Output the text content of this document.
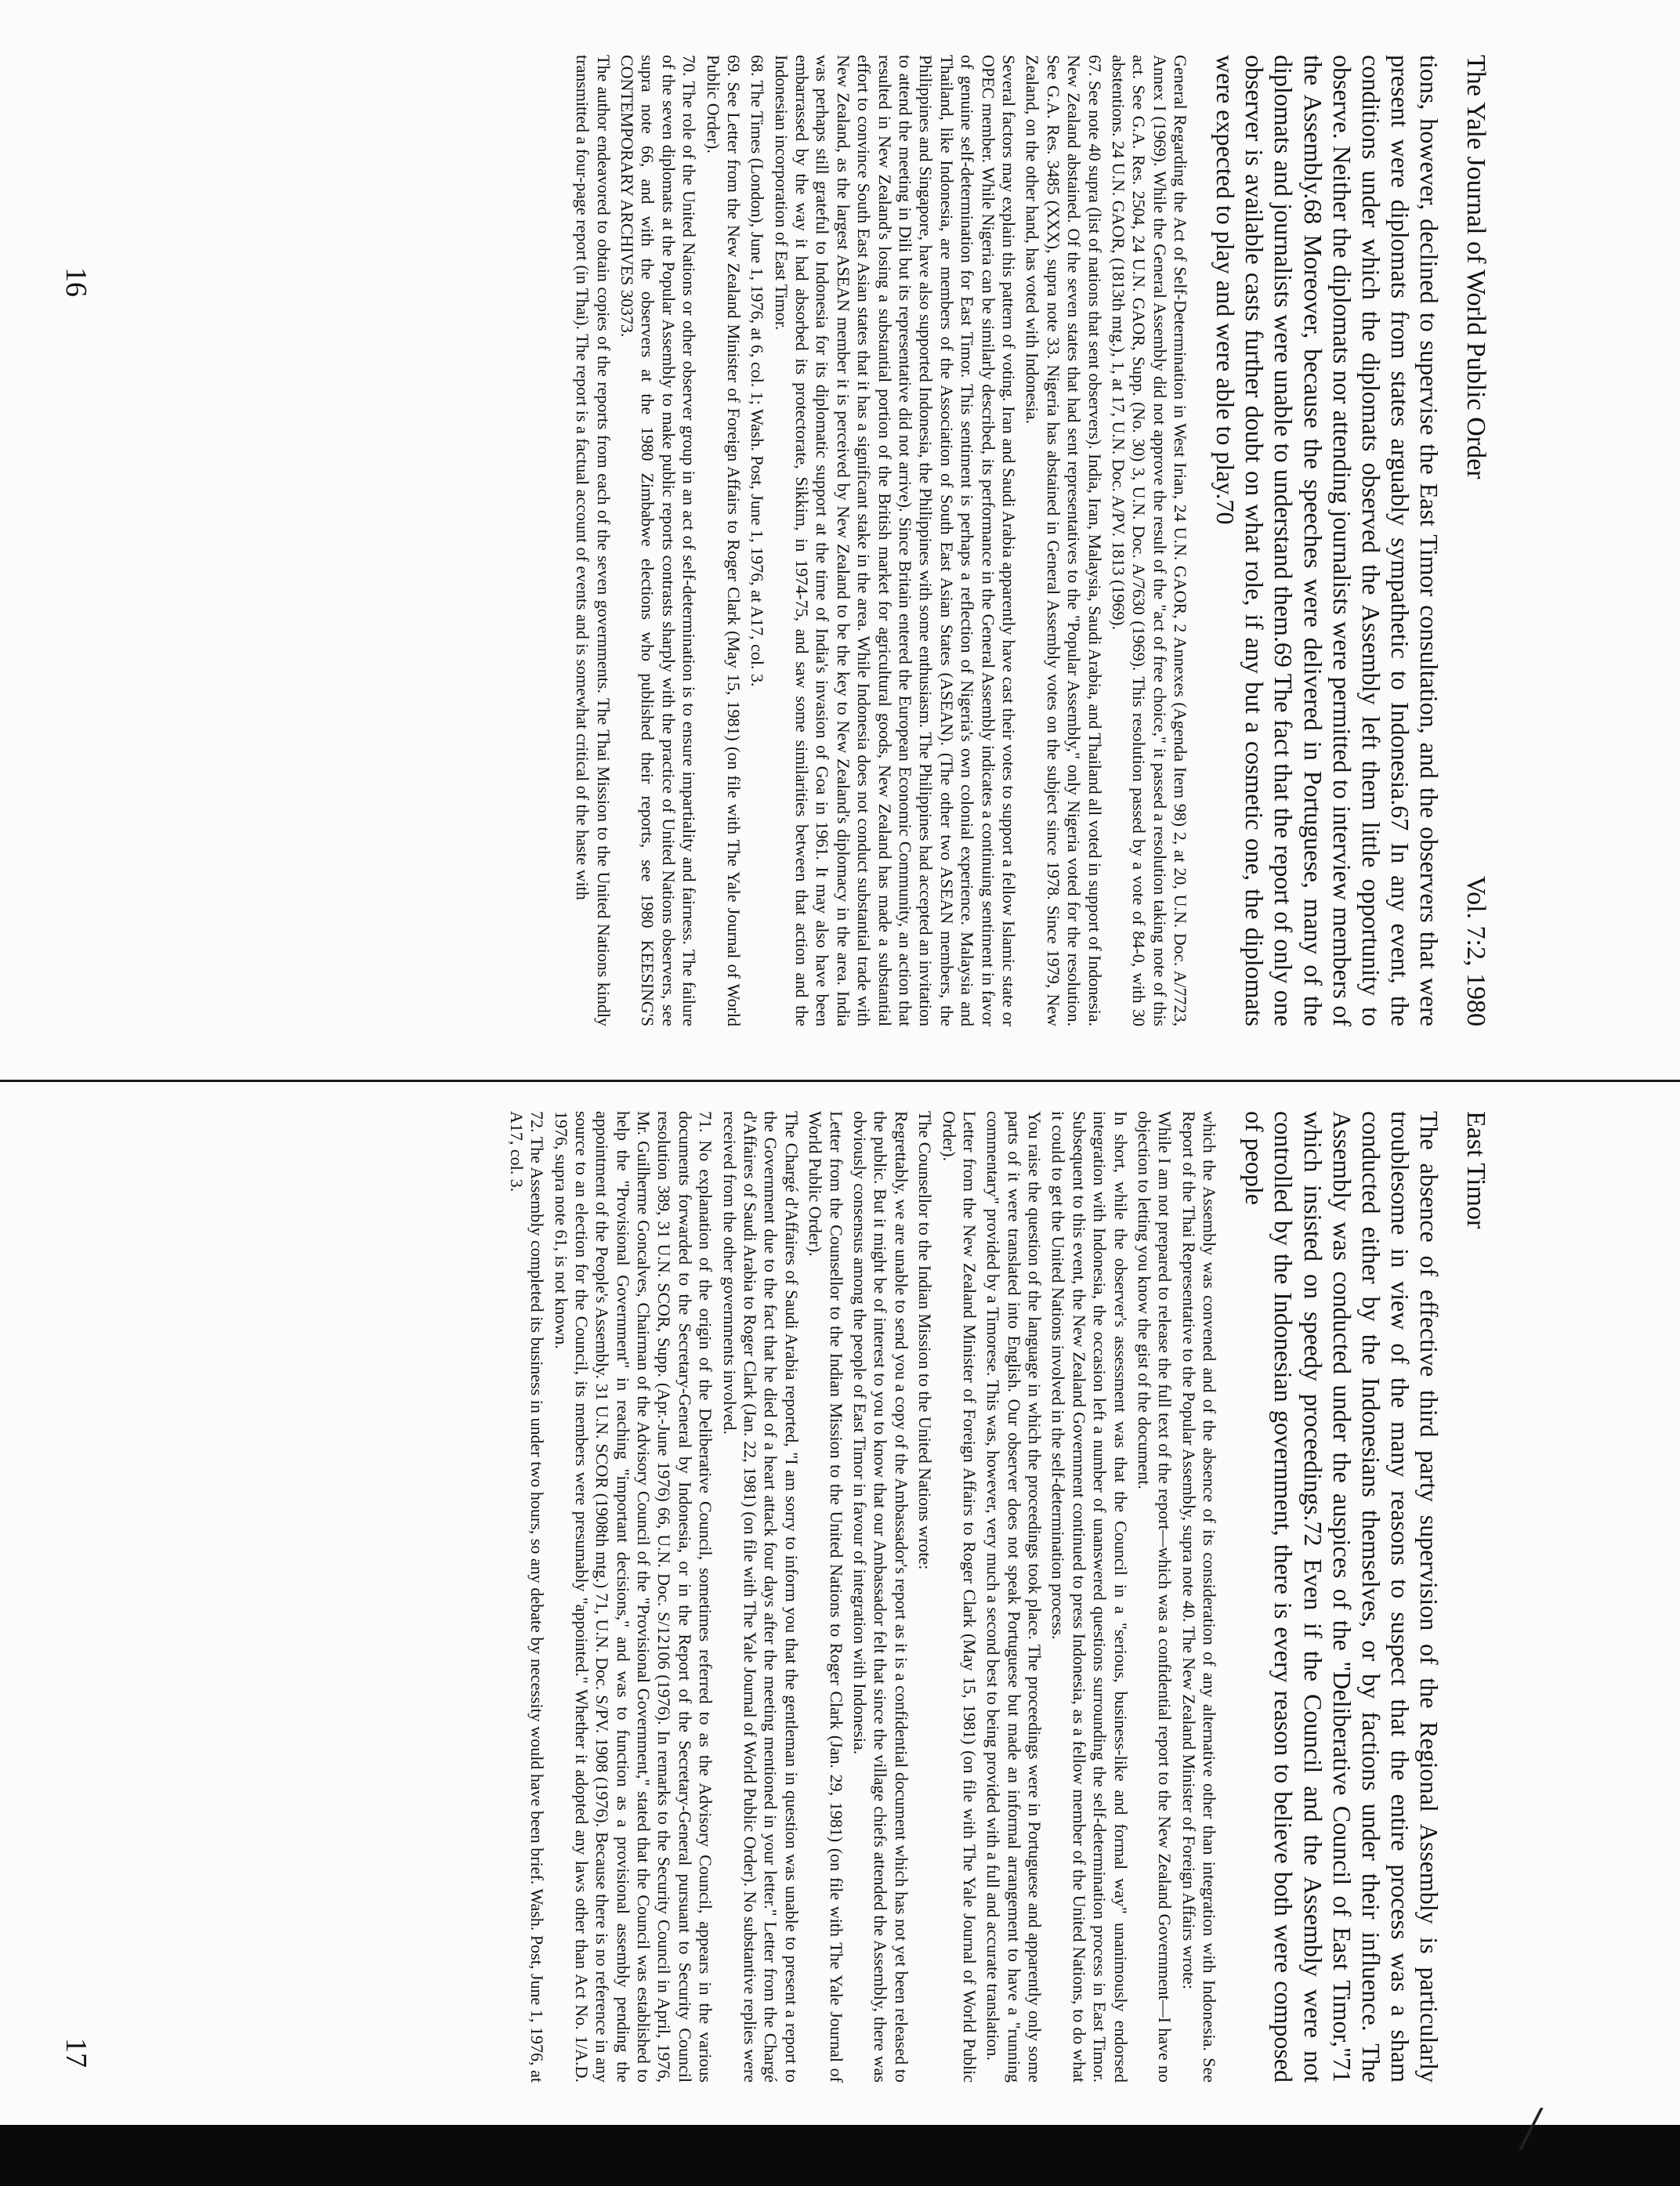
╱
The Yale Journal of World Public Order
Vol. 7:2, 1980

tions, however, declined to supervise the East Timor consultation, and the observers that were present were diplomats from states arguably sympathetic to Indonesia.67 In any event, the conditions under which the diplomats observed the Assembly left them little opportunity to observe. Neither the diplomats nor attending journalists were permitted to interview members of the Assembly.68 Moreover, because the speeches were delivered in Portuguese, many of the diplomats and journalists were unable to understand them.69 The fact that the report of only one observer is available casts further doubt on what role, if any but a cosmetic one, the diplomats were expected to play and were able to play.70

General Regarding the Act of Self-Determination in West Irian, 24 U.N. GAOR, 2 Annexes (Agenda Item 98) 2, at 20, U.N. Doc. A/7723, Annex I (1969). While the General Assembly did not approve the result of the "act of free choice," it passed a resolution taking note of this act. See G.A. Res. 2504, 24 U.N. GAOR, Supp. (No. 30) 3, U.N. Doc. A/7630 (1969). This resolution passed by a vote of 84-0, with 30 abstentions. 24 U.N. GAOR, (1813th mtg.), 1, at 17, U.N. Doc. A/PV. 1813 (1969).

67. See note 40 supra (list of nations that sent observers). India, Iran, Malaysia, Saudi Arabia, and Thailand all voted in support of Indonesia. New Zealand abstained. Of the seven states that had sent representatives to the "Popular Assembly," only Nigeria voted for the resolution. See G.A. Res. 3485 (XXX), supra note 33. Nigeria has abstained in General Assembly votes on the subject since 1978. Since 1979, New Zealand, on the other hand, has voted with Indonesia.

Several factors may explain this pattern of voting. Iran and Saudi Arabia apparently have cast their votes to support a fellow Islamic state or OPEC member. While Nigeria can be similarly described, its performance in the General Assembly indicates a continuing sentiment in favor of genuine self-determination for East Timor. This sentiment is perhaps a reflection of Nigeria's own colonial experience. Malaysia and Thailand, like Indonesia, are members of the Association of South East Asian States (ASEAN). (The other two ASEAN members, the Philippines and Singapore, have also supported Indonesia, the Philippines with some enthusiasm. The Philippines had accepted an invitation to attend the meeting in Dili but its representative did not arrive). Since Britain entered the European Economic Community, an action that resulted in New Zealand's losing a substantial portion of the British market for agricultural goods, New Zealand has made a substantial effort to convince South East Asian states that it has a significant stake in the area. While Indonesia does not conduct substantial trade with New Zealand, as the largest ASEAN member it is perceived by New Zealand to be the key to New Zealand's diplomacy in the area. India was perhaps still grateful to Indonesia for its diplomatic support at the time of India's invasion of Goa in 1961. It may also have been embarrassed by the way it had absorbed its protectorate, Sikkim, in 1974-75, and saw some similarities between that action and the Indonesian incorporation of East Timor.

68. The Times (London), June 1, 1976, at 6, col. 1; Wash. Post, June 1, 1976, at A17, col. 3.

69. See Letter from the New Zealand Minister of Foreign Affairs to Roger Clark (May 15, 1981) (on file with The Yale Journal of World Public Order).

70. The role of the United Nations or other observer group in an act of self-determination is to ensure impartiality and fairness. The failure of the seven diplomats at the Popular Assembly to make public reports contrasts sharply with the practice of United Nations observers, see supra note 66, and with the observers at the 1980 Zimbabwe elections who published their reports, see 1980 KEESING'S CONTEMPORARY ARCHIVES 30373.

The author endeavored to obtain copies of the reports from each of the seven governments. The Thai Mission to the United Nations kindly transmitted a four-page report (in Thai). The report is a factual account of events and is somewhat critical of the haste with

16
East Timor

The absence of effective third party supervision of the Regional Assembly is particularly troublesome in view of the many reasons to suspect that the entire process was a sham conducted either by the Indonesians themselves, or by factions under their influence. The Assembly was conducted under the auspices of the "Deliberative Council of East Timor,"71 which insisted on speedy proceedings.72 Even if the Council and the Assembly were not controlled by the Indonesian government, there is every reason to believe both were composed of people

which the Assembly was convened and of the absence of its consideration of any alternative other than integration with Indonesia. See Report of the Thai Representative to the Popular Assembly, supra note 40. The New Zealand Minister of Foreign Affairs wrote:

While I am not prepared to release the full text of the report—which was a confidential report to the New Zealand Government—I have no objection to letting you know the gist of the document.

In short, while the observer's assessment was that the Council in a "serious, business-like and formal way" unanimously endorsed integration with Indonesia, the occasion left a number of unanswered questions surrounding the self-determination process in East Timor. Subsequent to this event, the New Zealand Government continued to press Indonesia, as a fellow member of the United Nations, to do what it could to get the United Nations involved in the self-determination process.

You raise the question of the language in which the proceedings took place. The proceedings were in Portuguese and apparently only some parts of it were translated into English. Our observer does not speak Portuguese but made an informal arrangement to have a "running commentary" provided by a Timorese. This was, however, very much a second best to being provided with a full and accurate translation.

Letter from the New Zealand Minister of Foreign Affairs to Roger Clark (May 15, 1981) (on file with The Yale Journal of World Public Order).

The Counsellor to the Indian Mission to the United Nations wrote:

Regrettably, we are unable to send you a copy of the Ambassador's report as it is a confidential document which has not yet been released to the public. But it might be of interest to you to know that our Ambassador felt that since the village chiefs attended the Assembly, there was obviously consensus among the people of East Timor in favour of integration with Indonesia.

Letter from the Counsellor to the Indian Mission to the United Nations to Roger Clark (Jan. 29, 1981) (on file with The Yale Journal of World Public Order).

The Chargé d'Affaires of Saudi Arabia reported, "I am sorry to inform you that the gentleman in question was unable to present a report to the Government due to the fact that he died of a heart attack four days after the meeting mentioned in your letter." Letter from the Chargé d'Affaires of Saudi Arabia to Roger Clark (Jan. 22, 1981) (on file with The Yale Journal of World Public Order). No substantive replies were received from the other governments involved.

71. No explanation of the origin of the Deliberative Council, sometimes referred to as the Advisory Council, appears in the various documents forwarded to the Secretary-General by Indonesia, or in the Report of the Secretary-General pursuant to Security Council resolution 389, 31 U.N. SCOR, Supp. (Apr.-June 1976) 66, U.N. Doc. S/12106 (1976). In remarks to the Security Council in April, 1976, Mr. Guilherme Goncalves, Chairman of the Advisory Council of the "Provisional Government," stated that the Council was established to help the "Provisional Government" in reaching "important decisions," and was to function as a provisional assembly pending the appointment of the People's Assembly. 31 U.N. SCOR (1908th mtg.) 71, U.N. Doc. S/PV. 1908 (1976). Because there is no reference in any source to an election for the Council, its members were presumably "appointed." Whether it adopted any laws other than Act No. 1/A.D. 1976, supra note 61, is not known.

72. The Assembly completed its business in under two hours, so any debate by necessity would have been brief. Wash. Post, June 1, 1976, at A17, col. 3.

17
